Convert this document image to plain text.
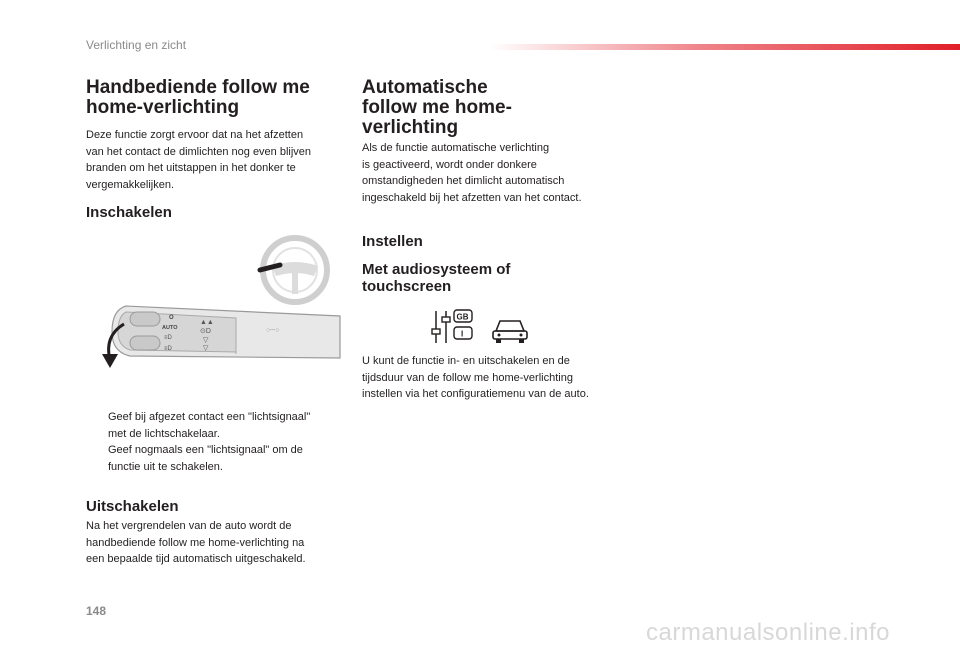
Verlichting en zicht
Handbediende follow me
home-verlichting

Deze functie zorgt ervoor dat na het afzetten
van het contact de dimlichten nog even blijven
branden om het uitstappen in het donker te
vergemakkelijken.

Inschakelen
O
AUTO
≡D
≡D
▲▲
⊙D
▽
▽
○─○
Geef bij afgezet contact een "lichtsignaal"
met de lichtschakelaar.
Geef nogmaals een "lichtsignaal" om de
functie uit te schakelen.
Uitschakelen

Na het vergrendelen van de auto wordt de
handbediende follow me home-verlichting na
een bepaalde tijd automatisch uitgeschakeld.

Automatische
follow me home-
verlichting

Als de functie automatische verlichting
is geactiveerd, wordt onder donkere
omstandigheden het dimlicht automatisch
ingeschakeld bij het afzetten van het contact.

Instellen
Met audiosysteem of
touchscreen
GB
I

U kunt de functie in- en uitschakelen en de
tijdsduur van de follow me home-verlichting
instellen via het configuratiemenu van de auto.

148
carmanualsonline.info
